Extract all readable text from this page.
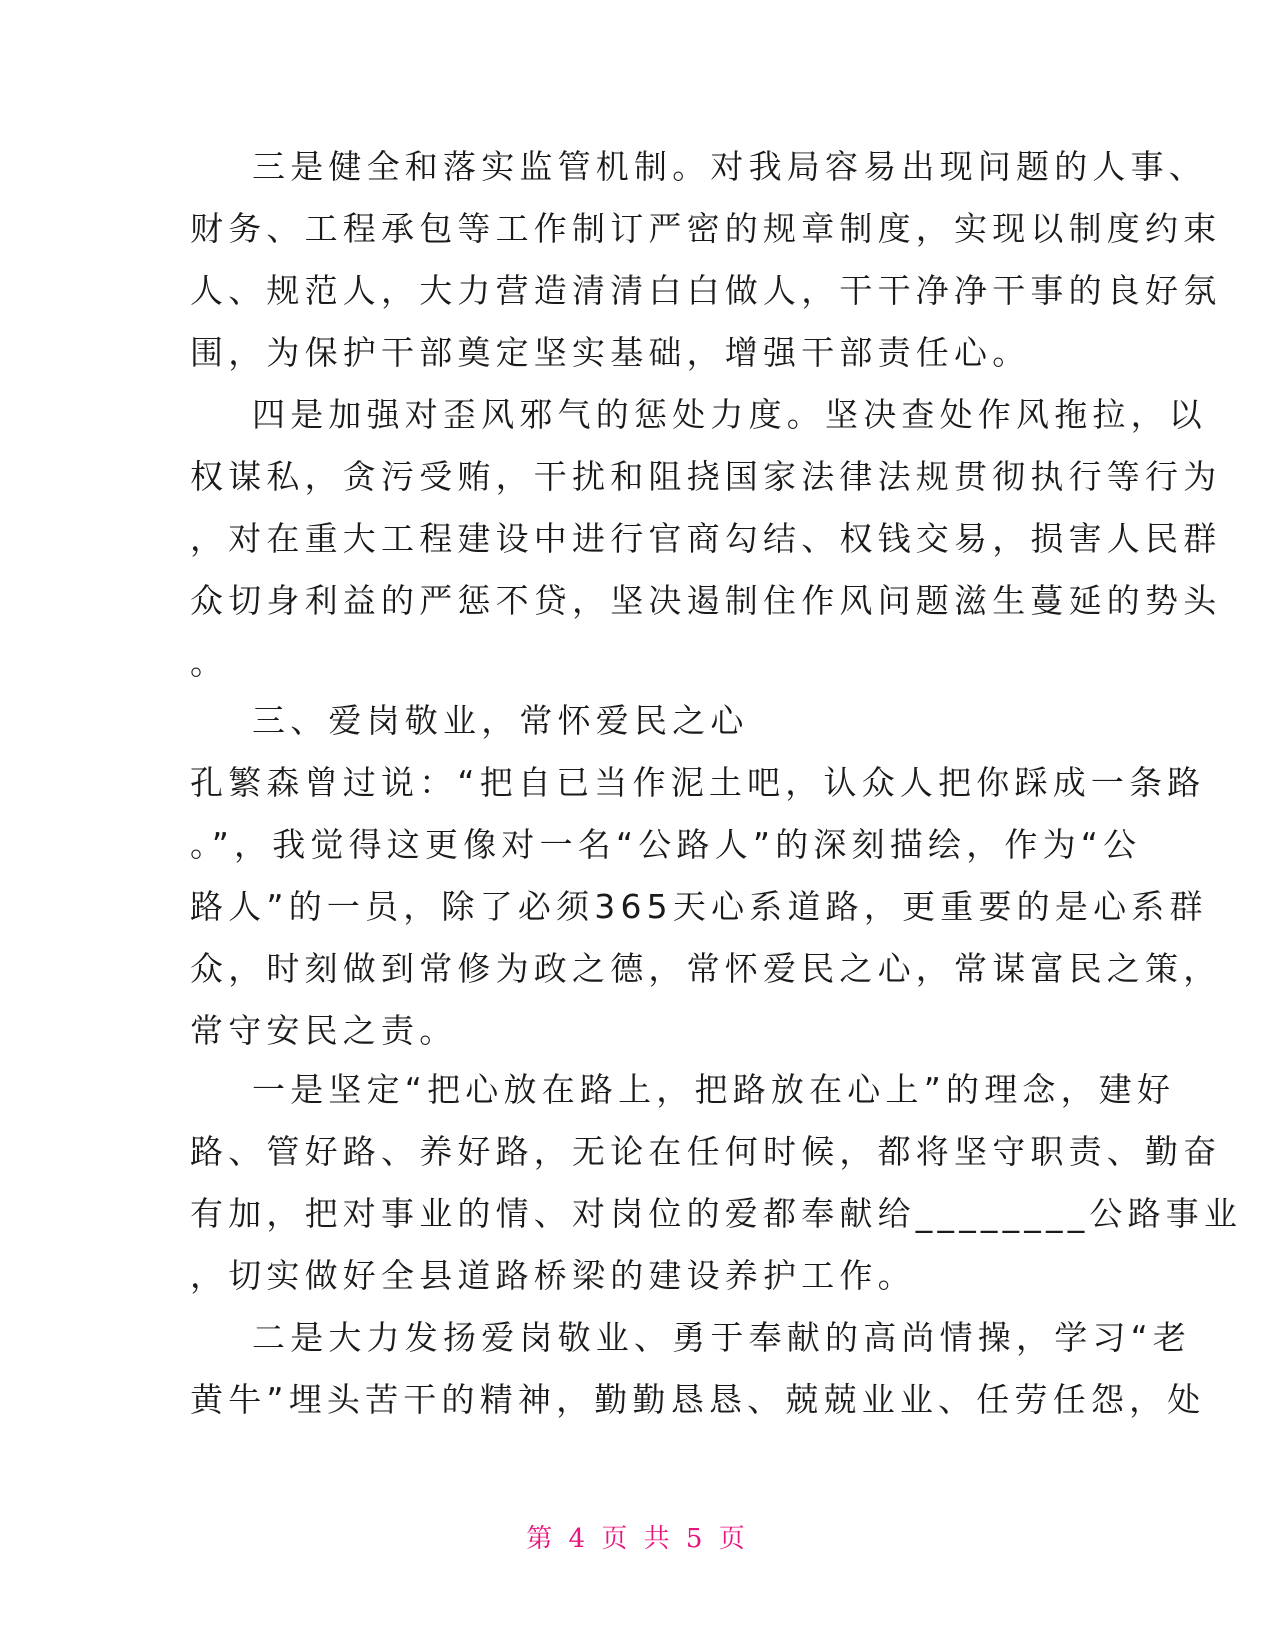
三是健全和落实监管机制。对我局容易出现问题的人事、
财务、工程承包等工作制订严密的规章制度，实现以制度约束
人、规范人，大力营造清清白白做人，干干净净干事的良好氛
围，为保护干部奠定坚实基础，增强干部责任心。
四是加强对歪风邪气的惩处力度。坚决查处作风拖拉，以
权谋私，贪污受贿，干扰和阻挠国家法律法规贯彻执行等行为
，对在重大工程建设中进行官商勾结、权钱交易，损害人民群
众切身利益的严惩不贷，坚决遏制住作风问题滋生蔓延的势头
。
三、爱岗敬业，常怀爱民之心
孔繁森曾过说：“把自已当作泥土吧，认众人把你踩成一条路
。”，我觉得这更像对一名“公路人”的深刻描绘，作为“公
路人”的一员，除了必须365天心系道路，更重要的是心系群
众，时刻做到常修为政之德，常怀爱民之心，常谋富民之策，
常守安民之责。
一是坚定“把心放在路上，把路放在心上”的理念，建好
路、管好路、养好路，无论在任何时候，都将坚守职责、勤奋
有加，把对事业的情、对岗位的爱都奉献给________公路事业
，切实做好全县道路桥梁的建设养护工作。
二是大力发扬爱岗敬业、勇于奉献的高尚情操，学习“老
黄牛”埋头苦干的精神，勤勤恳恳、兢兢业业、任劳任怨，处
第 4 页 共 5 页
